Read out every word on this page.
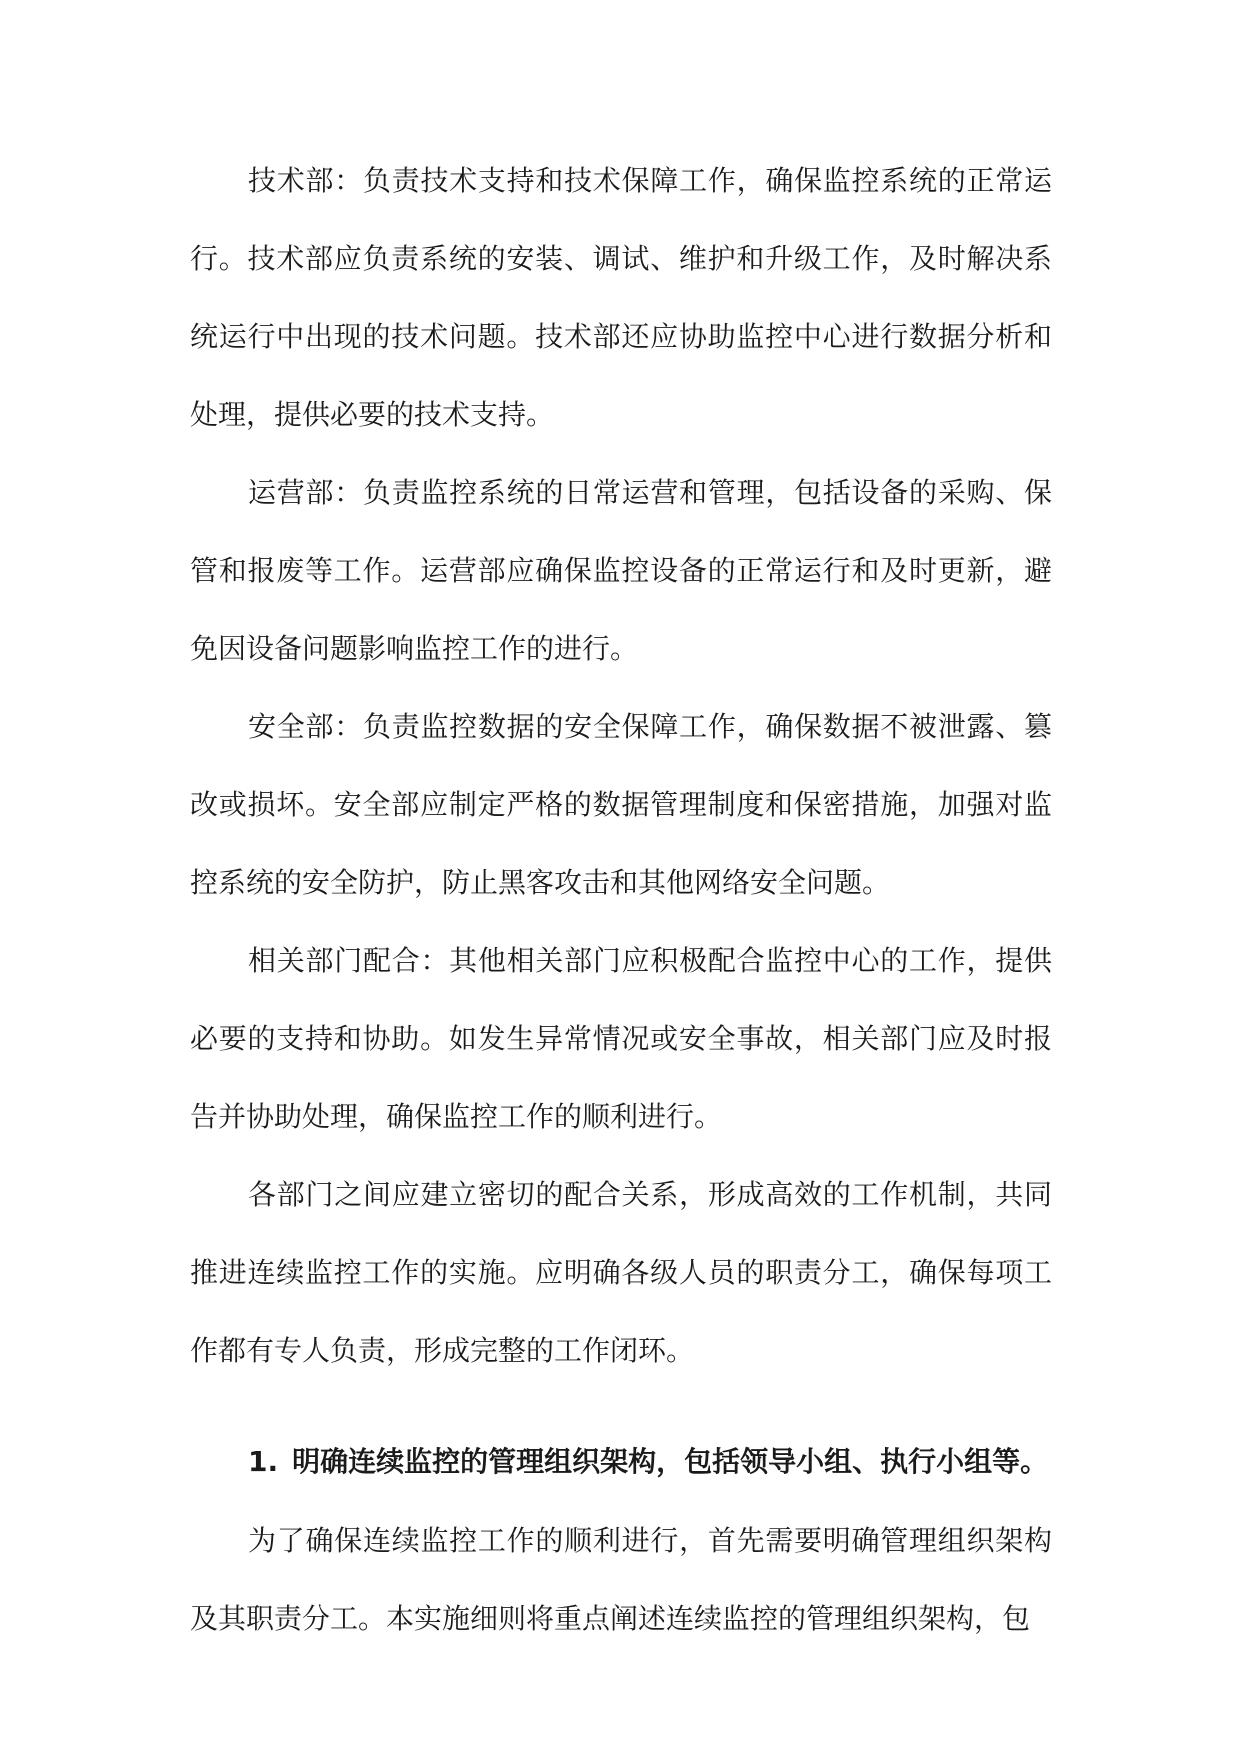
技术部：负责技术支持和技术保障工作，确保监控系统的正常运行。技术部应负责系统的安装、调试、维护和升级工作，及时解决系统运行中出现的技术问题。技术部还应协助监控中心进行数据分析和处理，提供必要的技术支持。

运营部：负责监控系统的日常运营和管理，包括设备的采购、保管和报废等工作。运营部应确保监控设备的正常运行和及时更新，避免因设备问题影响监控工作的进行。

安全部：负责监控数据的安全保障工作，确保数据不被泄露、篡改或损坏。安全部应制定严格的数据管理制度和保密措施，加强对监控系统的安全防护，防止黑客攻击和其他网络安全问题。

相关部门配合：其他相关部门应积极配合监控中心的工作，提供必要的支持和协助。如发生异常情况或安全事故，相关部门应及时报告并协助处理，确保监控工作的顺利进行。

各部门之间应建立密切的配合关系，形成高效的工作机制，共同推进连续监控工作的实施。应明确各级人员的职责分工，确保每项工作都有专人负责，形成完整的工作闭环。

1. 明确连续监控的管理组织架构，包括领导小组、执行小组等。

为了确保连续监控工作的顺利进行，首先需要明确管理组织架构及其职责分工。本实施细则将重点阐述连续监控的管理组织架构，包
